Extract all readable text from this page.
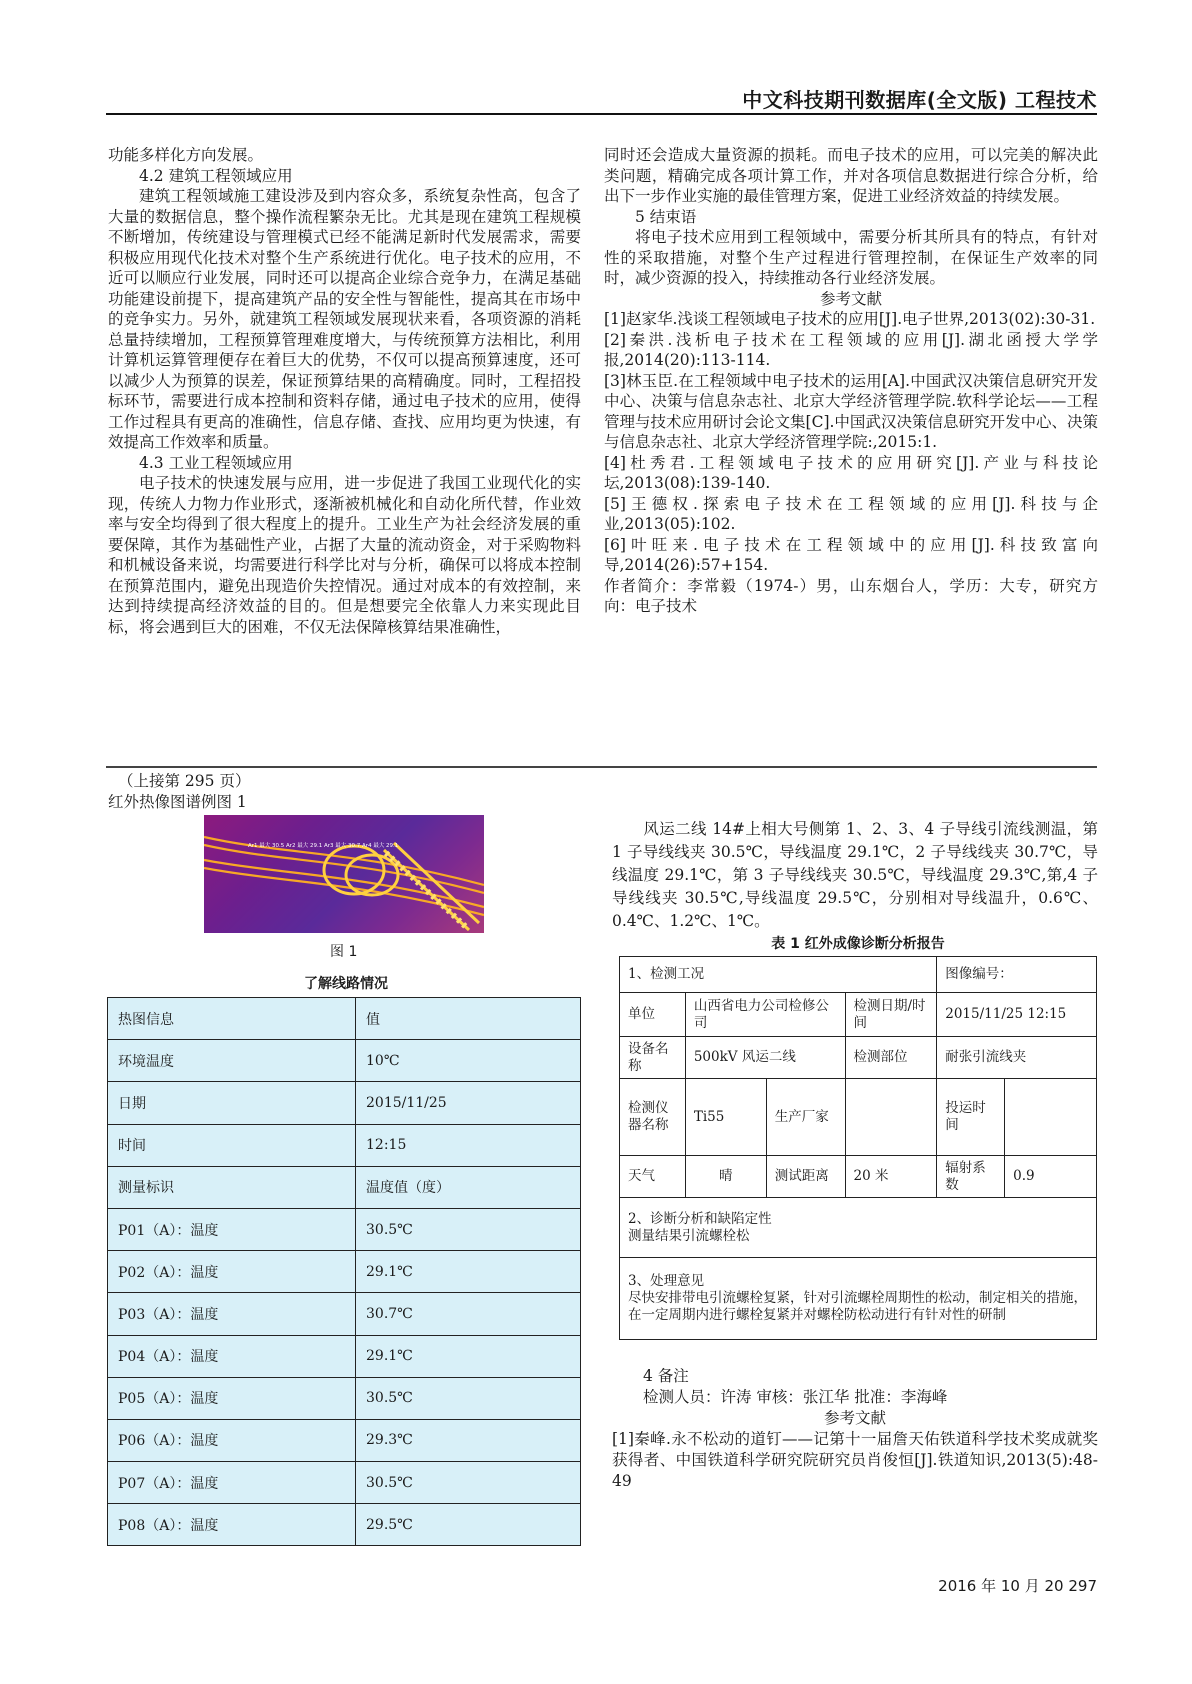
中文科技期刊数据库(全文版) 工程技术
功能多样化方向发展。
4.2 建筑工程领域应用
建筑工程领域施工建设涉及到内容众多，系统复杂性高，包含了大量的数据信息，整个操作流程繁杂无比。尤其是现在建筑工程规模不断增加，传统建设与管理模式已经不能满足新时代发展需求，需要积极应用现代化技术对整个生产系统进行优化。电子技术的应用，不近可以顺应行业发展，同时还可以提高企业综合竞争力，在满足基础功能建设前提下，提高建筑产品的安全性与智能性，提高其在市场中的竞争实力。另外，就建筑工程领域发展现状来看，各项资源的消耗总量持续增加，工程预算管理难度增大，与传统预算方法相比，利用计算机运算管理便存在着巨大的优势，不仅可以提高预算速度，还可以减少人为预算的误差，保证预算结果的高精确度。同时，工程招投标环节，需要进行成本控制和资料存储，通过电子技术的应用，使得工作过程具有更高的准确性，信息存储、查找、应用均更为快速，有效提高工作效率和质量。
4.3 工业工程领域应用
电子技术的快速发展与应用，进一步促进了我国工业现代化的实现，传统人力物力作业形式，逐渐被机械化和自动化所代替，作业效率与安全均得到了很大程度上的提升。工业生产为社会经济发展的重要保障，其作为基础性产业，占据了大量的流动资金，对于采购物料和机械设备来说，均需要进行科学比对与分析，确保可以将成本控制在预算范围内，避免出现造价失控情况。通过对成本的有效控制，来达到持续提高经济效益的目的。但是想要完全依靠人力来实现此目标，将会遇到巨大的困难，不仅无法保障核算结果准确性，
同时还会造成大量资源的损耗。而电子技术的应用，可以完美的解决此类问题，精确完成各项计算工作，并对各项信息数据进行综合分析，给出下一步作业实施的最佳管理方案，促进工业经济效益的持续发展。
5 结束语
将电子技术应用到工程领域中，需要分析其所具有的特点，有针对性的采取措施，对整个生产过程进行管理控制，在保证生产效率的同时，减少资源的投入，持续推动各行业经济发展。
参考文献
[1]赵家华.浅谈工程领域电子技术的应用[J].电子世界,2013(02):30-31.
[2]秦洪.浅析电子技术在工程领域的应用[J].湖北函授大学学报,2014(20):113-114.
[3]林玉臣.在工程领域中电子技术的运用[A].中国武汉决策信息研究开发中心、决策与信息杂志社、北京大学经济管理学院.软科学论坛——工程管理与技术应用研讨会论文集[C].中国武汉决策信息研究开发中心、决策与信息杂志社、北京大学经济管理学院:,2015:1.
[4]杜秀君.工程领域电子技术的应用研究[J].产业与科技论坛,2013(08):139-140.
[5]王德权.探索电子技术在工程领域的应用[J].科技与企业,2013(05):102.
[6]叶旺来.电子技术在工程领域中的应用[J].科技致富向导,2014(26):57+154.
作者简介：李常毅（1974-）男，山东烟台人，学历：大专，研究方向：电子技术
（上接第 295 页）
红外热像图谱例图 1
Ar1 最大 30.5 Ar2 最大 29.1 Ar3 最大 30.7 Ar4 最大 29.1
图 1
了解线路情况
热图信息	值
环境温度	10℃
日期	2015/11/25
时间	12:15
测量标识	温度值（度）
P01（A）：温度	30.5℃
P02（A）：温度	29.1℃
P03（A）：温度	30.7℃
P04（A）：温度	29.1℃
P05（A）：温度	30.5℃
P06（A）：温度	29.3℃
P07（A）：温度	30.5℃
P08（A）：温度	29.5℃
风运二线 14#上相大号侧第 1、2、3、4 子导线引流线测温，第 1 子导线线夹 30.5℃，导线温度 29.1℃，2 子导线线夹 30.7℃，导线温度 29.1℃，第 3 子导线线夹 30.5℃，导线温度 29.3℃,第,4 子导线线夹 30.5℃,导线温度 29.5℃，分别相对导线温升，0.6℃、0.4℃、1.2℃、1℃。
表 1 红外成像诊断分析报告
1、检测工况				图像编号：	
单位	山西省电力公司检修公司		检测日期/时间	2015/11/25 12:15	
设备名称	500kV 风运二线		检测部位	耐张引流线夹	
检测仪器名称	Ti55	生产厂家		投运时间	
天气	晴	测试距离	20 米	辐射系数	0.9

2、诊断分析和缺陷定性
测量结果引流螺栓松					

3、处理意见
尽快安排带电引流螺栓复紧，针对引流螺栓周期性的松动，制定相关的措施，在一定周期内进行螺栓复紧并对螺栓防松动进行有针对性的研制					
4 备注
检测人员：许涛 审核：张江华 批准：李海峰
参考文献
[1]秦峰.永不松动的道钉——记第十一届詹天佑铁道科学技术奖成就奖获得者、中国铁道科学研究院研究员肖俊恒[J].铁道知识,2013(5):48-49
2016 年 10 月 20 297
